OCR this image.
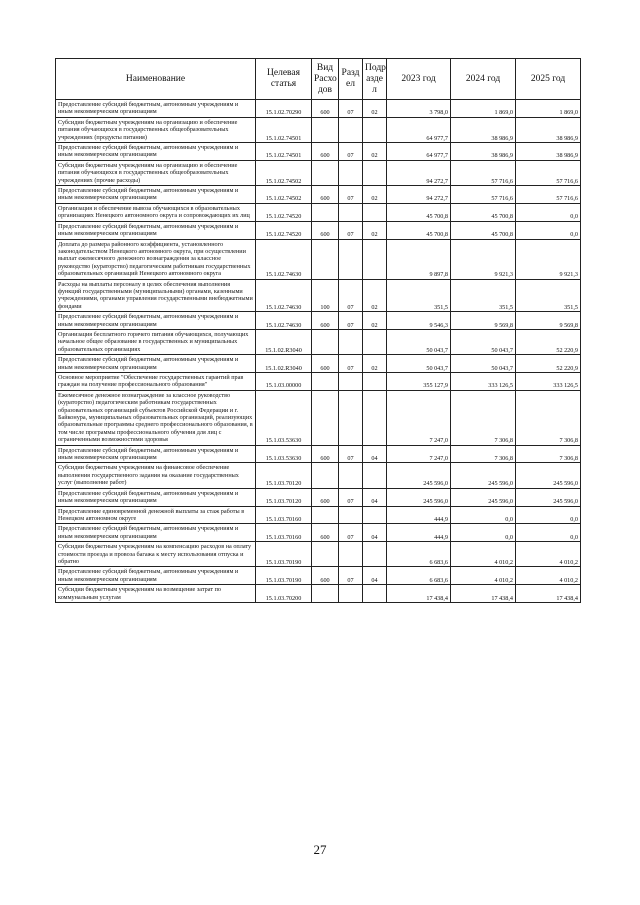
Наименование	Целевая статья	Вид Расхо дов	Разд ел	Подр азде л	2023 год	2024 год	2025 год
Предоставление субсидий бюджетным, автономным учреждениям и иным некоммерческим организациям	15.1.02.70290	600	07	02	3 798,0	1 869,0	1 869,0
Субсидии бюджетным учреждениям на организацию и обеспечение питания обучающихся в государственных общеобразовательных учреждениях (продукты питания)	15.1.02.74501				64 977,7	38 986,9	38 986,9
Предоставление субсидий бюджетным, автономным учреждениям и иным некоммерческим организациям	15.1.02.74501	600	07	02	64 977,7	38 986,9	38 986,9
Субсидии бюджетным учреждениям на организацию и обеспечение питания обучающихся в государственных общеобразовательных учреждениях (прочие расходы)	15.1.02.74502				94 272,7	57 716,6	57 716,6
Предоставление субсидий бюджетным, автономным учреждениям и иным некоммерческим организациям	15.1.02.74502	600	07	02	94 272,7	57 716,6	57 716,6
Организация и обеспечение вывоза обучающихся в образовательных организациях Ненецкого автономного округа и сопровождающих их лиц	15.1.02.74520				45 700,8	45 700,8	0,0
Предоставление субсидий бюджетным, автономным учреждениям и иным некоммерческим организациям	15.1.02.74520	600	07	02	45 700,8	45 700,8	0,0
Доплата до размера районного коэффициента, установленного законодательством Ненецкого автономного округа, при осуществлении выплат ежемесячного денежного вознаграждения за классное руководство (кураторство) педагогическим работникам государственных образовательных организаций Ненецкого автономного округа	15.1.02.74630				9 897,8	9 921,3	9 921,3
Расходы на выплаты персоналу в целях обеспечения выполнения функций государственными (муниципальными) органами, казенными учреждениями, органами управления государственными внебюджетными фондами	15.1.02.74630	100	07	02	351,5	351,5	351,5
Предоставление субсидий бюджетным, автономным учреждениям и иным некоммерческим организациям	15.1.02.74630	600	07	02	9 546,3	9 569,8	9 569,8
Организация бесплатного горячего питания обучающихся, получающих начальное общее образование в государственных и муниципальных образовательных организациях	15.1.02.R3040				50 043,7	50 043,7	52 220,9
Предоставление субсидий бюджетным, автономным учреждениям и иным некоммерческим организациям	15.1.02.R3040	600	07	02	50 043,7	50 043,7	52 220,9
Основное мероприятие "Обеспечение государственных гарантий прав граждан на получение профессионального образования"	15.1.03.00000				355 127,9	333 126,5	333 126,5
Ежемесячное денежное вознаграждение за классное руководство (кураторство) педагогическим работникам государственных образовательных организаций субъектов Российской Федерации и г. Байконура, муниципальных образовательных организаций, реализующих образовательные программы среднего профессионального образования, в том числе программы профессионального обучения для лиц с ограниченными возможностями здоровья	15.1.03.53630				7 247,0	7 306,8	7 306,8
Предоставление субсидий бюджетным, автономным учреждениям и иным некоммерческим организациям	15.1.03.53630	600	07	04	7 247,0	7 306,8	7 306,8
Субсидии бюджетным учреждениям на финансовое обеспечение выполнения государственного задания на оказание государственных услуг (выполнение работ)	15.1.03.70120				245 596,0	245 596,0	245 596,0
Предоставление субсидий бюджетным, автономным учреждениям и иным некоммерческим организациям	15.1.03.70120	600	07	04	245 596,0	245 596,0	245 596,0
Предоставление единовременной денежной выплаты за стаж работы в Ненецком автономном округе	15.1.03.70160				444,9	0,0	0,0
Предоставление субсидий бюджетным, автономным учреждениям и иным некоммерческим организациям	15.1.03.70160	600	07	04	444,9	0,0	0,0
Субсидии бюджетным учреждениям на компенсацию расходов на оплату стоимости проезда и провоза багажа к месту использования отпуска и обратно	15.1.03.70190				6 683,6	4 010,2	4 010,2
Предоставление субсидий бюджетным, автономным учреждениям и иным некоммерческим организациям	15.1.03.70190	600	07	04	6 683,6	4 010,2	4 010,2
Субсидии бюджетным учреждениям на возмещение затрат по коммунальным услугам	15.1.03.70200				17 438,4	17 438,4	17 438,4
27
